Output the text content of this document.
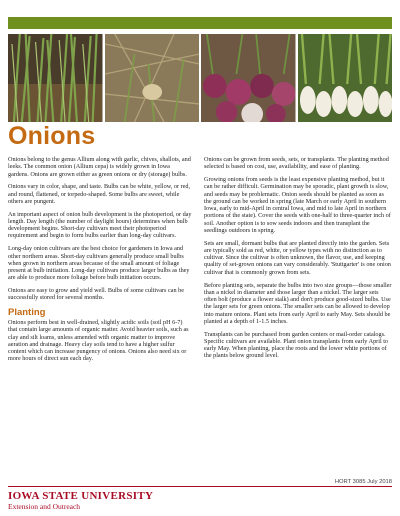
Onions

Onions belong to the genus Allium along with garlic, chives, shallots, and leeks. The common onion (Allium cepa) is widely grown in Iowa gardens. Onions are grown either as green onions or dry (storage) bulbs.

Onions vary in color, shape, and taste. Bulbs can be white, yellow, or red, and round, flattened, or torpedo-shaped. Some bulbs are sweet, while others are pungent.

An important aspect of onion bulb development is the photoperiod, or day length. Day length (the number of daylight hours) determines when bulb development begins. Short-day cultivars meet their photoperiod requirement and begin to form bulbs earlier than long-day cultivars.

Long-day onion cultivars are the best choice for gardeners in Iowa and other northern areas. Short-day cultivars generally produce small bulbs when grown in northern areas because of the small amount of foliage present at bulb initiation. Long-day cultivars produce larger bulbs as they are able to produce more foliage before bulb initiation occurs.

Onions are easy to grow and yield well. Bulbs of some cultivars can be successfully stored for several months.

Planting

Onions perform best in well-drained, slightly acidic soils (soil pH 6-7) that contain large amounts of organic matter. Avoid heavier soils, such as clay and silt loams, unless amended with organic matter to improve aeration and drainage. Heavy clay soils tend to have a higher sulfur content which can increase pungency of onions. Onions also need six or more hours of direct sun each day.

Onions can be grown from seeds, sets, or transplants. The planting method selected is based on cost, use, availability, and ease of planting.

Growing onions from seeds is the least expensive planting method, but it can be rather difficult. Germination may be sporadic, plant growth is slow, and seeds may be problematic. Onion seeds should be planted as soon as the ground can be worked in spring (late March or early April in southern Iowa, early to mid-April in central Iowa, and mid to late April in northern portions of the state). Cover the seeds with one-half to three-quarter inch of soil. Another option is to sow seeds indoors and then transplant the seedlings outdoors in spring.

Sets are small, dormant bulbs that are planted directly into the garden. Sets are typically sold as red, white, or yellow types with no distinction as to cultivar. Since the cultivar is often unknown, the flavor, use, and keeping quality of set-grown onions can vary considerably. 'Stuttgarter' is one onion cultivar that is commonly grown from sets.

Before planting sets, separate the bulbs into two size groups—those smaller than a nickel in diameter and those larger than a nickel. The larger sets often bolt (produce a flower stalk) and don't produce good-sized bulbs. Use the larger sets for green onions. The smaller sets can be allowed to develop into mature onions. Plant sets from early April to early May. Sets should be planted at a depth of 1-1.5 inches.

Transplants can be purchased from garden centers or mail-order catalogs. Specific cultivars are available. Plant onion transplants from early April to early May. When planting, place the roots and the lower white portions of the plants below ground level.

HORT 3085 July 2018
IOWA STATE UNIVERSITY
Extension and Outreach
